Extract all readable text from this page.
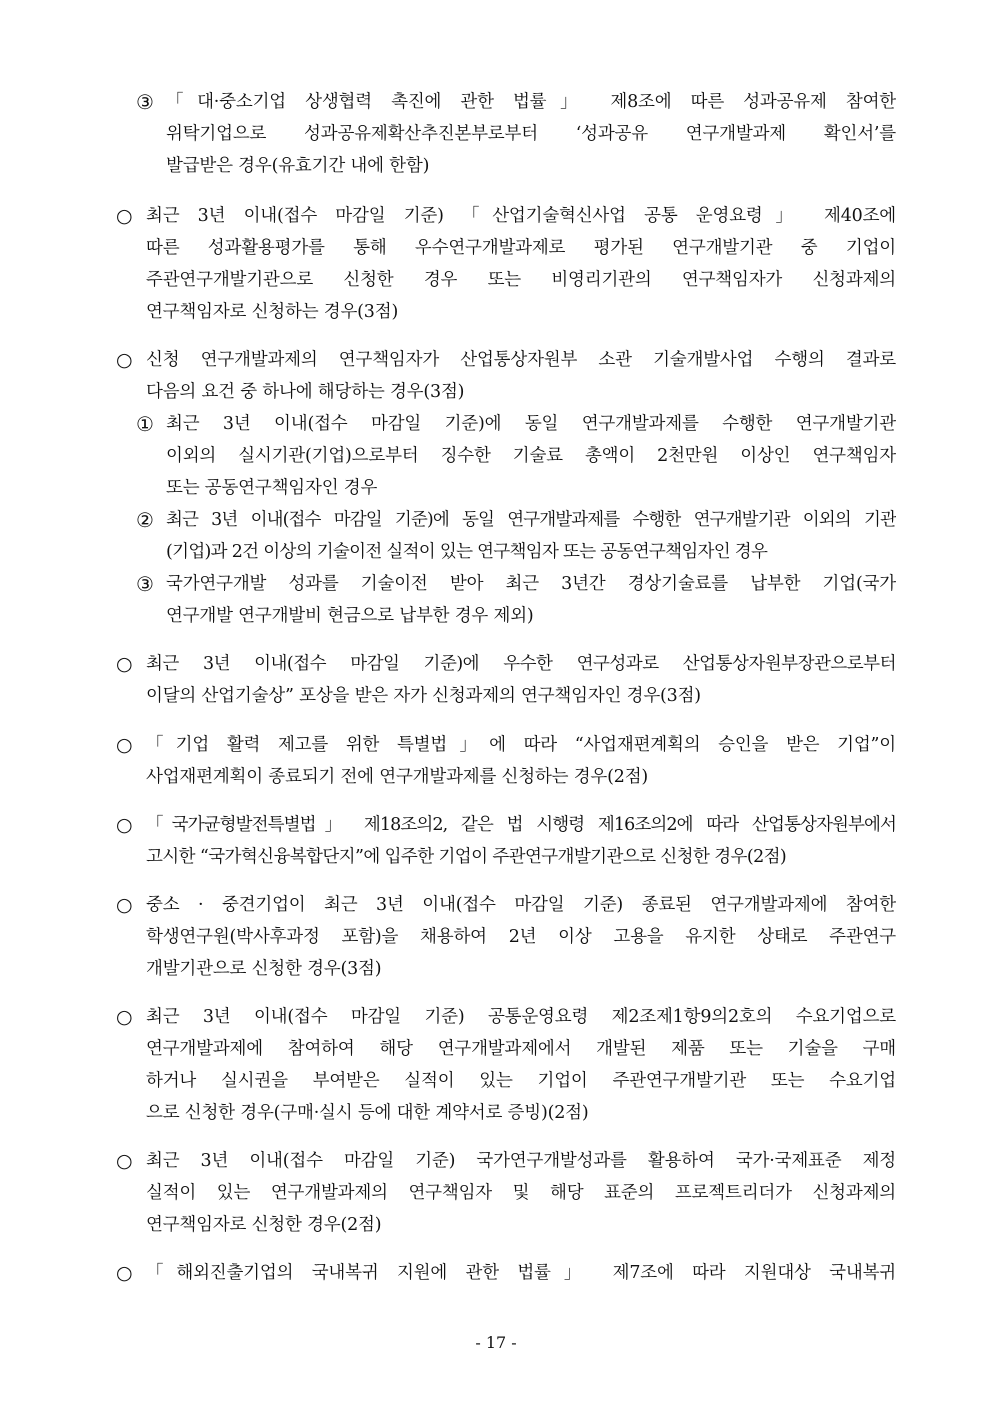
③ 「대·중소기업 상생협력 촉진에 관한 법률」 제8조에 따른 성과공유제 참여한
위탁기업으로 성과공유제확산추진본부로부터 ‘성과공유 연구개발과제 확인서’를
발급받은 경우(유효기간 내에 한함)
○ 최근 3년 이내(접수 마감일 기준) 「산업기술혁신사업 공통 운영요령」 제40조에
따른 성과활용평가를 통해 우수연구개발과제로 평가된 연구개발기관 중 기업이
주관연구개발기관으로 신청한 경우 또는 비영리기관의 연구책임자가 신청과제의
연구책임자로 신청하는 경우(3점)
○ 신청 연구개발과제의 연구책임자가 산업통상자원부 소관 기술개발사업 수행의 결과로
다음의 요건 중 하나에 해당하는 경우(3점)
① 최근 3년 이내(접수 마감일 기준)에 동일 연구개발과제를 수행한 연구개발기관
이외의 실시기관(기업)으로부터 징수한 기술료 총액이 2천만원 이상인 연구책임자
또는 공동연구책임자인 경우
② 최근 3년 이내(접수 마감일 기준)에 동일 연구개발과제를 수행한 연구개발기관 이외의 기관
(기업)과 2건 이상의 기술이전 실적이 있는 연구책임자 또는 공동연구책임자인 경우
③ 국가연구개발 성과를 기술이전 받아 최근 3년간 경상기술료를 납부한 기업(국가
연구개발 연구개발비 현금으로 납부한 경우 제외)
○ 최근 3년 이내(접수 마감일 기준)에 우수한 연구성과로 산업통상자원부장관으로부터
이달의 산업기술상” 포상을 받은 자가 신청과제의 연구책임자인 경우(3점)
○ 「기업 활력 제고를 위한 특별법」에 따라 “사업재편계획의 승인을 받은 기업”이
사업재편계획이 종료되기 전에 연구개발과제를 신청하는 경우(2점)
○ 「국가균형발전특별법」 제18조의2, 같은 법 시행령 제16조의2에 따라 산업통상자원부에서
고시한 “국가혁신융복합단지”에 입주한 기업이 주관연구개발기관으로 신청한 경우(2점)
○ 중소 · 중견기업이 최근 3년 이내(접수 마감일 기준) 종료된 연구개발과제에 참여한
학생연구원(박사후과정 포함)을 채용하여 2년 이상 고용을 유지한 상태로 주관연구
개발기관으로 신청한 경우(3점)
○ 최근 3년 이내(접수 마감일 기준) 공통운영요령 제2조제1항9의2호의 수요기업으로
연구개발과제에 참여하여 해당 연구개발과제에서 개발된 제품 또는 기술을 구매
하거나 실시권을 부여받은 실적이 있는 기업이 주관연구개발기관 또는 수요기업
으로 신청한 경우(구매·실시 등에 대한 계약서로 증빙)(2점)
○ 최근 3년 이내(접수 마감일 기준) 국가연구개발성과를 활용하여 국가·국제표준 제정
실적이 있는 연구개발과제의 연구책임자 및 해당 표준의 프로젝트리더가 신청과제의
연구책임자로 신청한 경우(2점)
○ 「해외진출기업의 국내복귀 지원에 관한 법률」 제7조에 따라 지원대상 국내복귀
- 17 -
